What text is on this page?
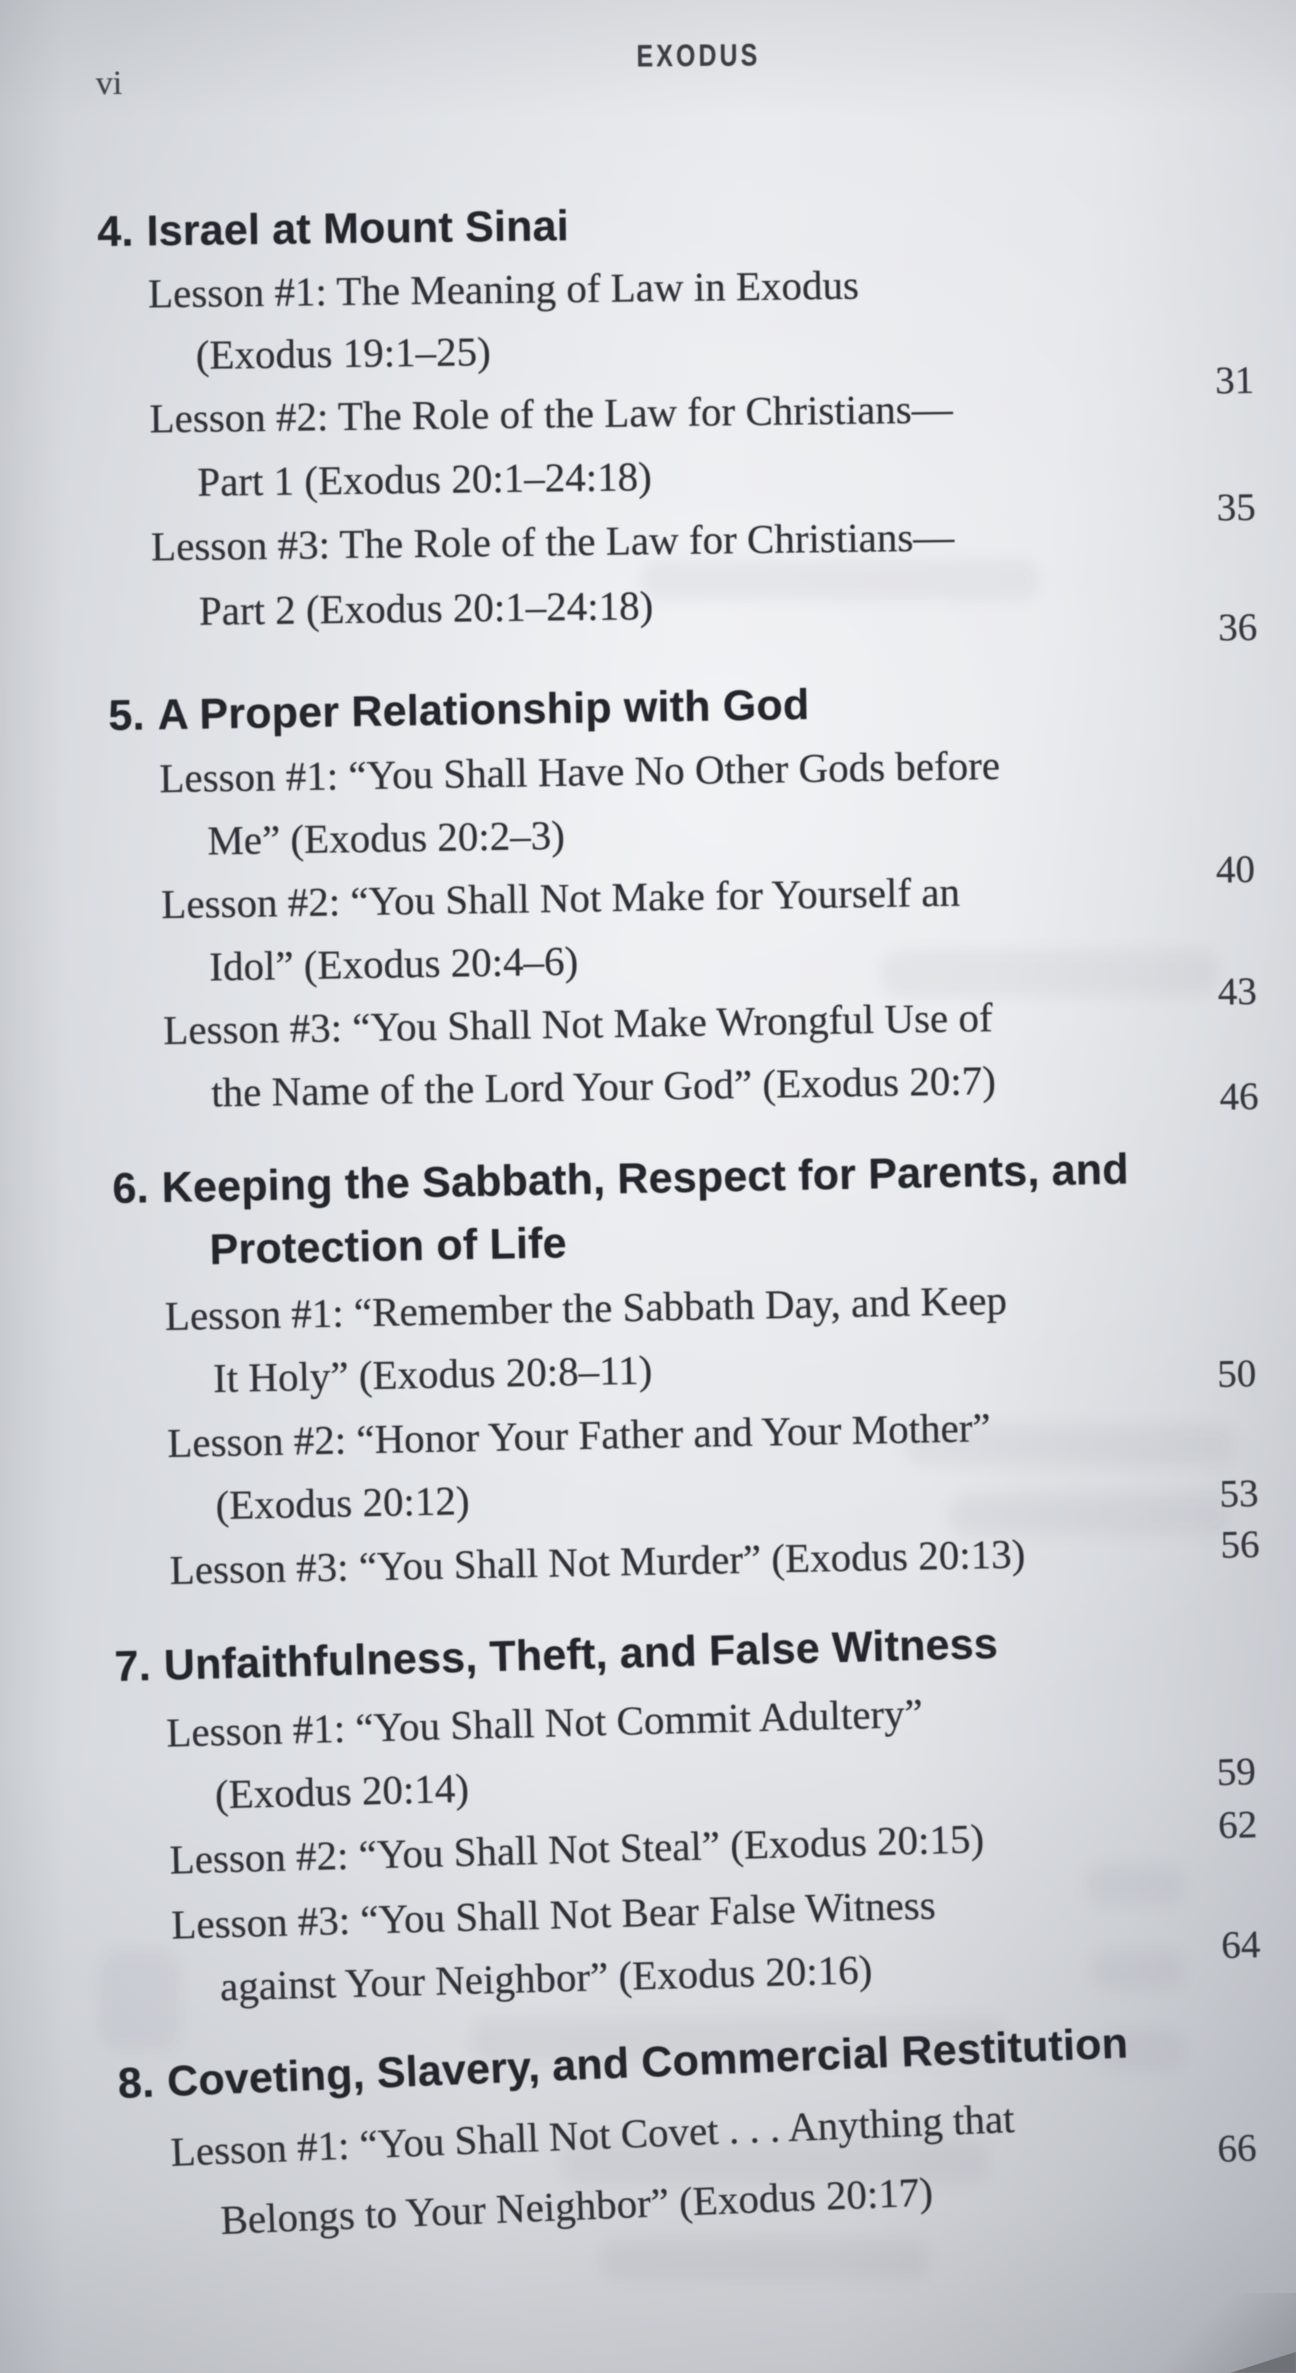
vi
EXODUS
4. Israel at Mount Sinai
Lesson #1: The Meaning of Law in Exodus
(Exodus 19:1–25)
Lesson #2: The Role of the Law for Christians—
Part 1 (Exodus 20:1–24:18)
Lesson #3: The Role of the Law for Christians—
Part 2 (Exodus 20:1–24:18)
31
35
36
5. A Proper Relationship with God
Lesson #1: “You Shall Have No Other Gods before
Me” (Exodus 20:2–3)
Lesson #2: “You Shall Not Make for Yourself an
Idol” (Exodus 20:4–6)
Lesson #3: “You Shall Not Make Wrongful Use of
the Name of the Lord Your God” (Exodus 20:7)
40
43
46
6. Keeping the Sabbath, Respect for Parents, and
Protection of Life
Lesson #1: “Remember the Sabbath Day, and Keep
It Holy” (Exodus 20:8–11)
Lesson #2: “Honor Your Father and Your Mother”
(Exodus 20:12)
Lesson #3: “You Shall Not Murder” (Exodus 20:13)
50
53
56
7. Unfaithfulness, Theft, and False Witness
Lesson #1: “You Shall Not Commit Adultery”
(Exodus 20:14)
Lesson #2: “You Shall Not Steal” (Exodus 20:15)
Lesson #3: “You Shall Not Bear False Witness
against Your Neighbor” (Exodus 20:16)
59
62
64
8. Coveting, Slavery, and Commercial Restitution
Lesson #1: “You Shall Not Covet . . . Anything that
Belongs to Your Neighbor” (Exodus 20:17)
66
